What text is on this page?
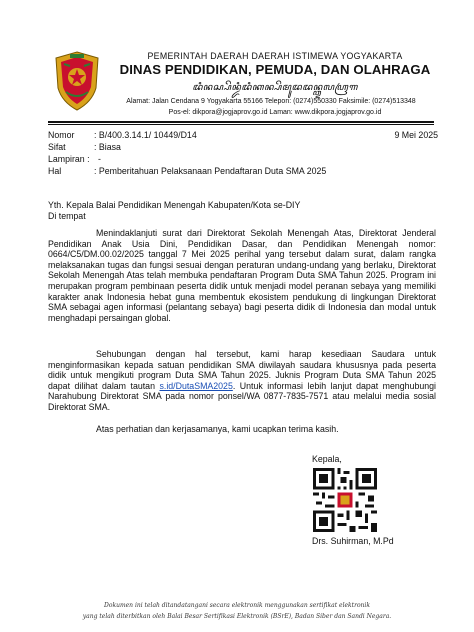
PEMERINTAH DAERAH DAERAH ISTIMEWA YOGYAKARTA
DINAS PENDIDIKAN, PEMUDA, DAN OLAHRAGA
ꦢꦶꦤꦱ꧀ꦥꦼꦤ꧀ꦢꦶꦢꦶꦏꦤ꧀ꦥꦼꦩꦸꦢꦢꦤ꧀ꦎꦭꦲꦿꦒ
Alamat: Jalan Cendana 9 Yogyakarta 55166 Telepon: (0274)550330 Faksimile: (0274)513348
Pos-el: dikpora@jogjaprov.go.id Laman: www.dikpora.jogjaprov.go.id
Nomor : B/400.3.14.1/ 10449/D14	9 Mei 2025
Sifat	: Biasa
Lampiran : -
Hal	: Pemberitahuan Pelaksanaan Pendaftaran Duta SMA 2025
Yth. Kepala Balai Pendidikan Menengah Kabupaten/Kota se-DIY
Di tempat
Menindaklanjuti surat dari Direktorat Sekolah Menengah Atas, Direktorat Jenderal Pendidikan Anak Usia Dini, Pendidikan Dasar, dan Pendidikan Menengah nomor: 0664/C5/DM.00.02/2025 tanggal 7 Mei 2025 perihal yang tersebut dalam surat, dalam rangka melaksanakan tugas dan fungsi sesuai dengan peraturan undang-undang yang berlaku, Direktorat Sekolah Menengah Atas telah membuka pendaftaran Program Duta SMA Tahun 2025. Program ini merupakan program pembinaan peserta didik untuk menjadi model peranan sebaya yang memiliki karakter anak Indonesia hebat guna membentuk ekosistem pendukung di lingkungan Direktorat SMA sebagai agen informasi (pelantang sebaya) bagi peserta didik di Indonesia dan modal untuk menghadapi persaingan global.
Sehubungan dengan hal tersebut, kami harap kesediaan Saudara untuk menginformasikan kepada satuan pendidikan SMA diwilayah saudara khususnya pada peserta didik untuk mengikuti program Duta SMA Tahun 2025. Juknis Program Duta SMA Tahun 2025 dapat dilihat dalam tautan s.id/DutaSMA2025. Untuk informasi lebih lanjut dapat menghubungi Narahubung Direktorat SMA pada nomor ponsel/WA 0877-7835-7571 atau melalui media sosial Direktorat SMA.
Atas perhatian dan kerjasamanya, kami ucapkan terima kasih.
Kepala,
Drs. Suhirman, M.Pd
Dokumen ini telah ditandatangani secara elektronik menggunakan sertifikat elektronik
yang telah diterbitkan oleh Balai Besar Sertifikasi Elektronik (BSrE), Badan Siber dan Sandi Negara.
